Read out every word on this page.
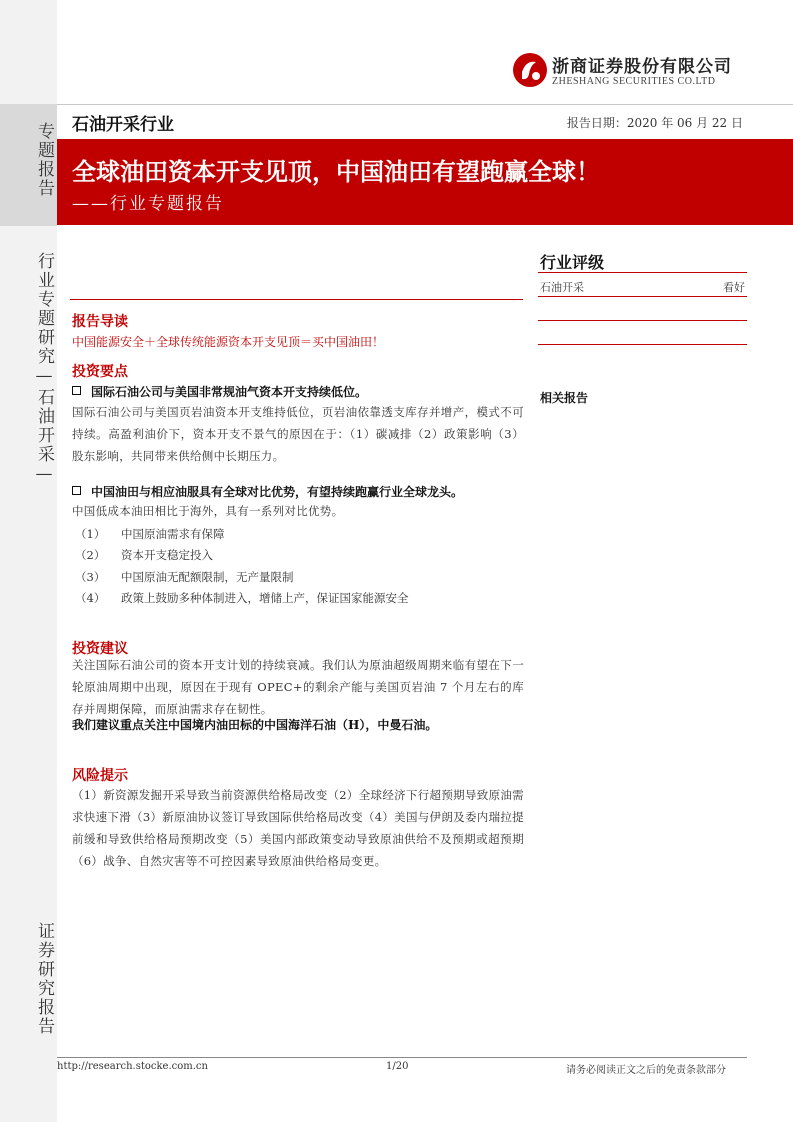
专题报告
行业专题研究—石油开采—
证券研究报告
浙商证券股份有限公司
ZHESHANG SECURITIES CO.LTD
石油开采行业	报告日期：2020 年 06 月 22 日
全球油田资本开支见顶，中国油田有望跑赢全球！
——行业专题报告
行业评级
石油开采	看好
相关报告
报告导读
中国能源安全＋全球传统能源资本开支见顶＝买中国油田！
投资要点
国际石油公司与美国非常规油气资本开支持续低位。
国际石油公司与美国页岩油资本开支维持低位，页岩油依靠透支库存并增产，模式不可持续。高盈利油价下，资本开支不景气的原因在于：（1）碳减排（2）政策影响（3）股东影响，共同带来供给侧中长期压力。
中国油田与相应油服具有全球对比优势，有望持续跑赢行业全球龙头。
中国低成本油田相比于海外，具有一系列对比优势。
（1） 中国原油需求有保障
（2） 资本开支稳定投入
（3） 中国原油无配额限制，无产量限制
（4） 政策上鼓励多种体制进入，增储上产，保证国家能源安全
投资建议
关注国际石油公司的资本开支计划的持续衰减。我们认为原油超级周期来临有望在下一轮原油周期中出现，原因在于现有 OPEC+的剩余产能与美国页岩油 7 个月左右的库存并周期保障，而原油需求存在韧性。
我们建议重点关注中国境内油田标的中国海洋石油（H），中曼石油。
风险提示
（1）新资源发掘开采导致当前资源供给格局改变（2）全球经济下行超预期导致原油需求快速下滑（3）新原油协议签订导致国际供给格局改变（4）美国与伊朗及委内瑞拉提前缓和导致供给格局预期改变（5）美国内部政策变动导致原油供给不及预期或超预期（6）战争、自然灾害等不可控因素导致原油供给格局变更。
http://research.stocke.com.cn	1/20	请务必阅读正文之后的免责条款部分
